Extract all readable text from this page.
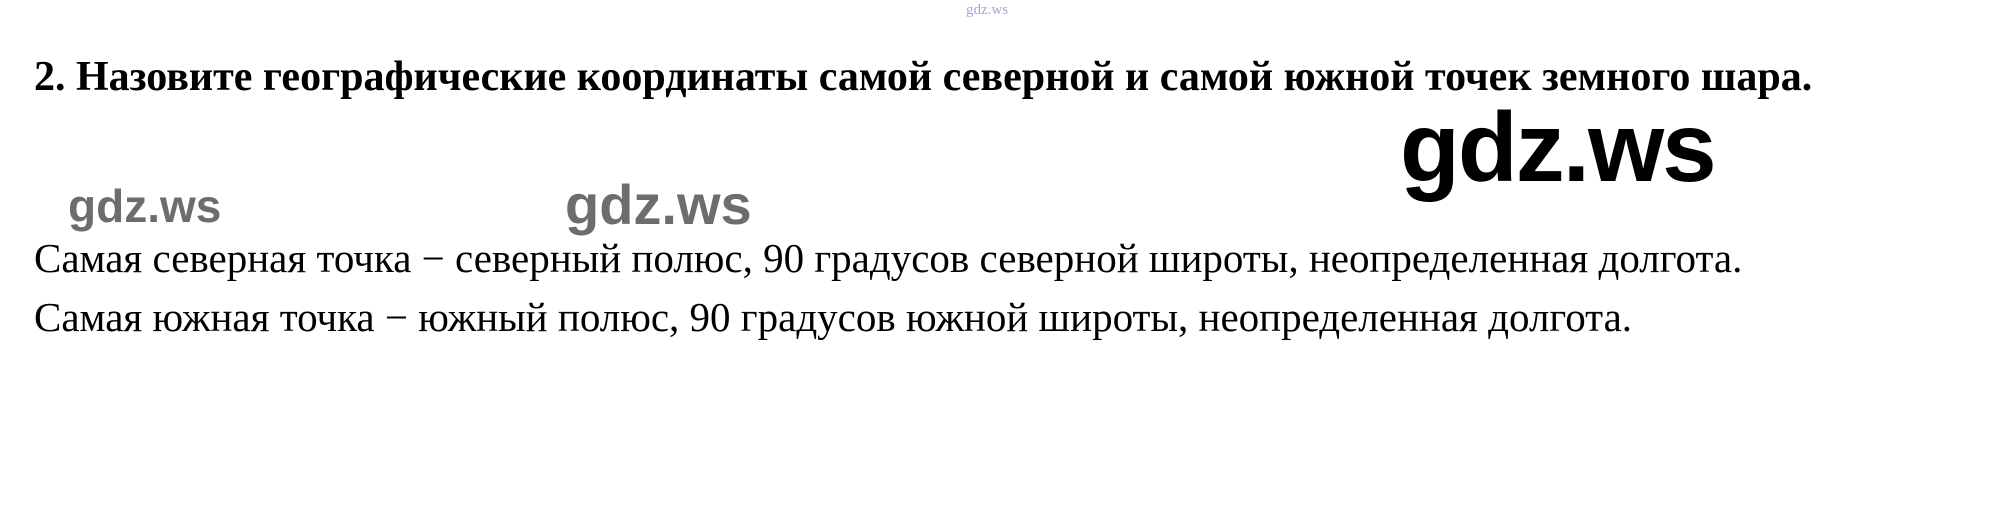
gdz.ws
2. Назовите географические координаты самой северной и самой южной точек земного шара.
gdz.ws	gdz.ws
gdz.ws

Самая северная точка − северный полюс, 90 градусов северной широты, неопределенная долгота.

Самая южная точка − южный полюс, 90 градусов южной широты, неопределенная долгота.
